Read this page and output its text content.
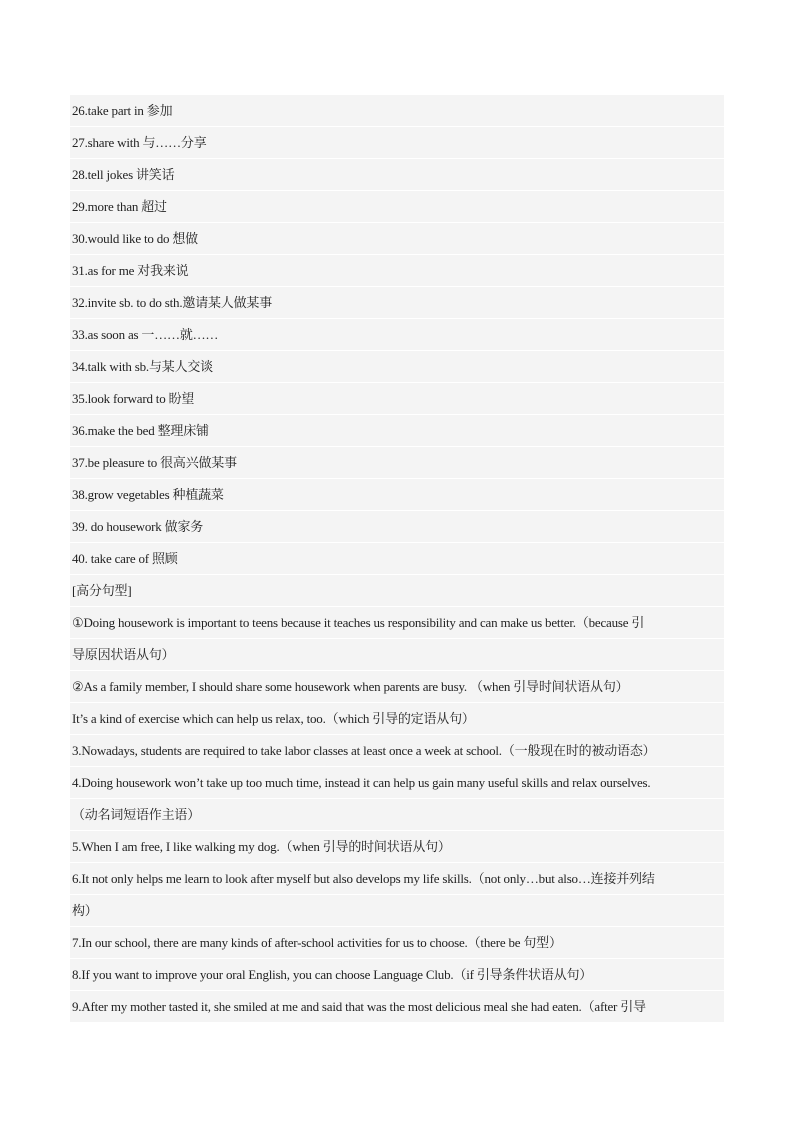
26.take part in 参加
27.share with 与……分享
28.tell jokes 讲笑话
29.more than 超过
30.would like to do 想做
31.as for me 对我来说
32.invite sb. to do sth.邀请某人做某事
33.as soon as 一……就……
34.talk with sb.与某人交谈
35.look forward to 盼望
36.make the bed 整理床铺
37.be pleasure to 很高兴做某事
38.grow vegetables 种植蔬菜
39. do housework 做家务
40. take care of 照顾
[高分句型]
①Doing housework is important to teens because it teaches us responsibility and can make us better.（because 引
导原因状语从句）
②As a family member, I should share some housework when parents are busy. （when 引导时间状语从句）
It’s a kind of exercise which can help us relax, too.（which 引导的定语从句）
3.Nowadays, students are required to take labor classes at least once a week at school.（一般现在时的被动语态）
4.Doing housework won’t take up too much time, instead it can help us gain many useful skills and relax ourselves.
（动名词短语作主语）
5.When I am free, I like walking my dog.（when 引导的时间状语从句）
6.It not only helps me learn to look after myself but also develops my life skills.（not only…but also…连接并列结
构）
7.In our school, there are many kinds of after-school activities for us to choose.（there be 句型）
8.If you want to improve your oral English, you can choose Language Club.（if 引导条件状语从句）
9.After my mother tasted it, she smiled at me and said that was the most delicious meal she had eaten.（after 引导
